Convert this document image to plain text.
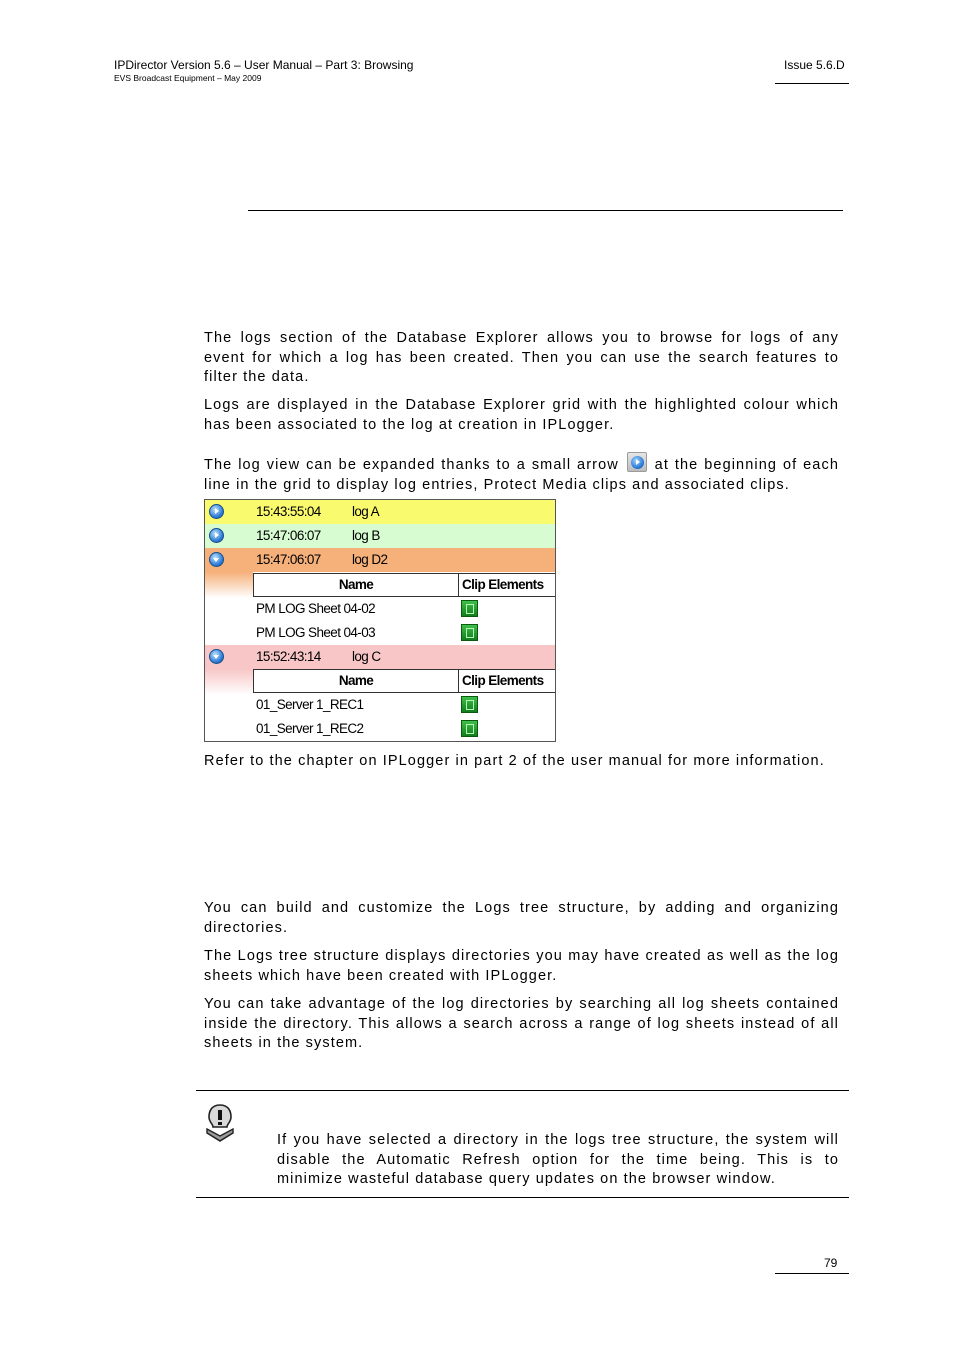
IPDirector Version 5.6 – User Manual – Part 3: Browsing
EVS Broadcast Equipment – May 2009
Issue 5.6.D
The logs section of the Database Explorer allows you to browse for logs of any event for which a log has been created. Then you can use the search features to filter the data.
Logs are displayed in the Database Explorer grid with the highlighted colour which has been associated to the log at creation in IPLogger.
The log view can be expanded thanks to a small arrow at the beginning of each line in the grid to display log entries, Protect Media clips and associated clips.
15:43:55:04 log A
15:47:06:07 log B
15:47:06:07 log D2
Name	Clip Elements
PM LOG Sheet 04-02
PM LOG Sheet 04-03
15:52:43:14 log C
Name	Clip Elements
01_Server 1_REC1
01_Server 1_REC2
Refer to the chapter on IPLogger in part 2 of the user manual for more information.
You can build and customize the Logs tree structure, by adding and organizing directories.
The Logs tree structure displays directories you may have created as well as the log sheets which have been created with IPLogger.
You can take advantage of the log directories by searching all log sheets contained inside the directory. This allows a search across a range of log sheets instead of all sheets in the system.
If you have selected a directory in the logs tree structure, the system will disable the Automatic Refresh option for the time being. This is to minimize wasteful database query updates on the browser window.
79
